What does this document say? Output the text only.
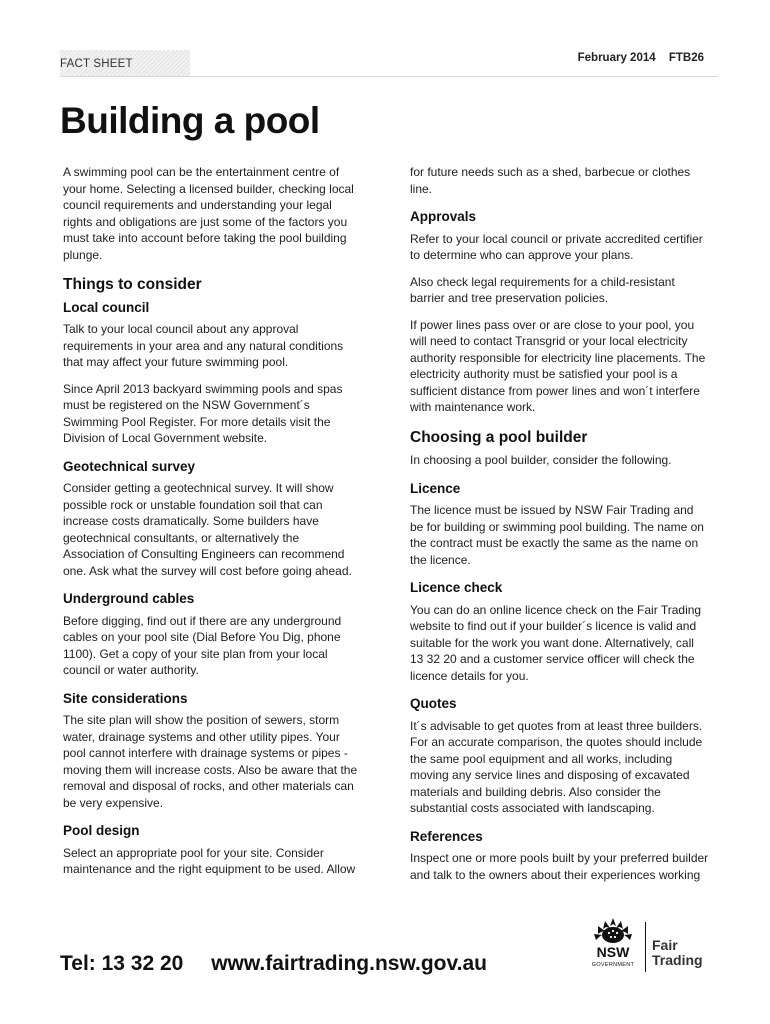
FACT SHEET	February 2014 FTB26
Building a pool

A swimming pool can be the entertainment centre of your home. Selecting a licensed builder, checking local council requirements and understanding your legal rights and obligations are just some of the factors you must take into account before taking the pool building plunge.

Things to consider
Local council

Talk to your local council about any approval requirements in your area and any natural conditions that may affect your future swimming pool.

Since April 2013 backyard swimming pools and spas must be registered on the NSW Government´s Swimming Pool Register. For more details visit the Division of Local Government website.

Geotechnical survey

Consider getting a geotechnical survey. It will show possible rock or unstable foundation soil that can increase costs dramatically. Some builders have geotechnical consultants, or alternatively the Association of Consulting Engineers can recommend one. Ask what the survey will cost before going ahead.

Underground cables

Before digging, find out if there are any underground cables on your pool site (Dial Before You Dig, phone 1100). Get a copy of your site plan from your local council or water authority.

Site considerations

The site plan will show the position of sewers, storm water, drainage systems and other utility pipes. Your pool cannot interfere with drainage systems or pipes - moving them will increase costs. Also be aware that the removal and disposal of rocks, and other materials can be very expensive.

Pool design

Select an appropriate pool for your site. Consider maintenance and the right equipment to be used. Allow

for future needs such as a shed, barbecue or clothes line.

Approvals

Refer to your local council or private accredited certifier to determine who can approve your plans.

Also check legal requirements for a child-resistant barrier and tree preservation policies.

If power lines pass over or are close to your pool, you will need to contact Transgrid or your local electricity authority responsible for electricity line placements. The electricity authority must be satisfied your pool is a sufficient distance from power lines and won´t interfere with maintenance work.

Choosing a pool builder

In choosing a pool builder, consider the following.

Licence

The licence must be issued by NSW Fair Trading and be for building or swimming pool building. The name on the contract must be exactly the same as the name on the licence.

Licence check

You can do an online licence check on the Fair Trading website to find out if your builder´s licence is valid and suitable for the work you want done. Alternatively, call 13 32 20 and a customer service officer will check the licence details for you.

Quotes

It´s advisable to get quotes from at least three builders. For an accurate comparison, the quotes should include the same pool equipment and all works, including moving any service lines and disposing of excavated materials and building debris. Also consider the substantial costs associated with landscaping.

References

Inspect one or more pools built by your preferred builder and talk to the owners about their experiences working

Tel: 13 32 20 www.fairtrading.nsw.gov.au	NSW
GOVERNMENT
Fair
Trading
